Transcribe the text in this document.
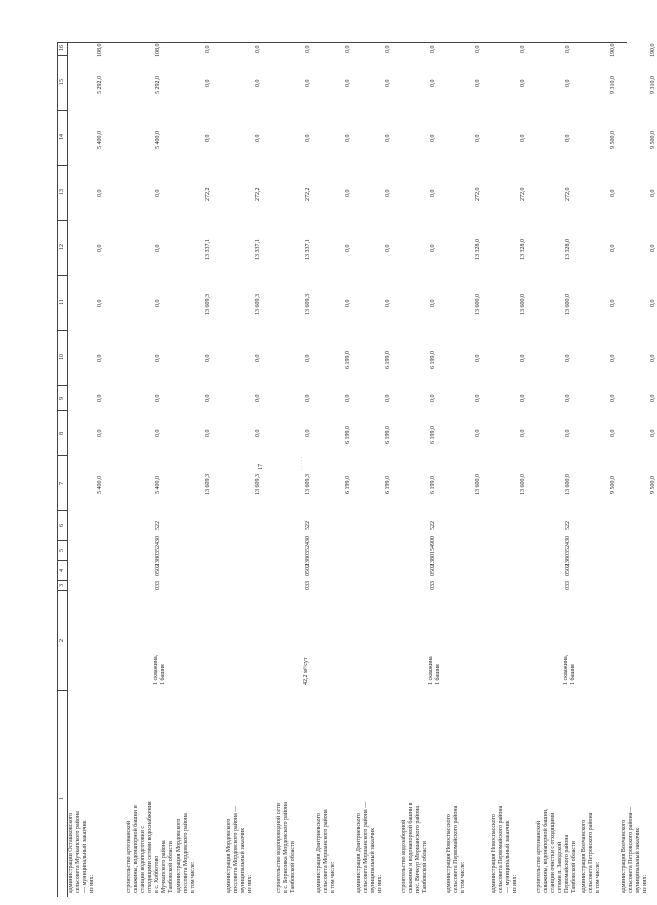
17	· · · · ·
1
2
3
4
5
6
7
8
9
10
11
12
13
14
15
16
администрации Осташковского
сельсовета Мучкапского района
— муниципальный заказчик
из них:
5 400,0
0,0
0,0
0,0
0,0
0,0
0,0
5 400,0
5 292,0
108,0
строительство артезианской
скважины, водонапорной башни и
станции водоподготовки с
отходящими сетями водоснабжения
в с. Хобботово
Мучкапского района
Тамбовской области
1 скважина,
1 башня
033
0502
1380352430
522
5 400,0
0,0
0,0
0,0
0,0
0,0
0,0
5 400,0
5 292,0
108,0
администрация Мордовского
поссовета Мордовского района
в том числе:
13 609,3
0,0
0,0
0,0
13 609,3
13 337,1
272,2
0,0
0,0
0,0
администрация Мордовского
поссовета Мордовского района —
муниципальный заказчик
из них:
13 609,3
0,0
0,0
0,0
13 609,3
13 337,1
272,2
0,0
0,0
0,0
строительство водопроводной сети
в с. Борисовка Мордовского района
Тамбовской области
42,2 м³/сут
033
0502
1380352430
522
13 609,3
0,0
0,0
0,0
13 609,3
13 337,1
272,2
0,0
0,0
0,0
администрация Дмитриевского
сельсовета Моршанского района
в том числе:
6 199,0
6 199,0
0,0
6 199,0
0,0
0,0
0,0
0,0
0,0
0,0
администрация Дмитриевского
сельсовета Моршанского района —
муниципальный заказчик
из них:
6 199,0
6 199,0
0,0
6 199,0
0,0
0,0
0,0
0,0
0,0
0,0
строительство водозаборной
скважины и водонапорной башни в
пос. Вичкур Моршанского района
Тамбовской области
1 скважина
1 башня
033
0502
1380154900
522
6 199,0
6 199,0
0,0
6 199,0
0,0
0,0
0,0
0,0
0,0
0,0
администрация Новоспасского
сельсовета Первомайского района
в том числе:
13 600,0
0,0
0,0
0,0
13 600,0
13 328,0
272,0
0,0
0,0
0,0
администрация Новоспасского
сельсовета Первомайского района
— муниципальный заказчик
из них:
13 600,0
0,0
0,0
0,0
13 600,0
13 328,0
272,0
0,0
0,0
0,0
строительство артезианской
скважины, водонапорной башни,
станции очистки с отходящими
сетями п. Заводской
Первомайского района
Тамбовской области
1 скважина,
1 башня
033
0502
1380352430
522
13 600,0
0,0
0,0
0,0
13 600,0
13 328,0
272,0
0,0
0,0
0,0
администрация Волчанского
сельсовета Петровского района
в том числе:
9 500,0
0,0
0,0
0,0
0,0
0,0
0,0
9 500,0
9 310,0
190,0
администрация Волчанского
сельсовета Петровского района—
муниципальный заказчик
из них:
9 500,0
0,0
0,0
0,0
0,0
0,0
0,0
9 500,0
9 310,0
190,0
